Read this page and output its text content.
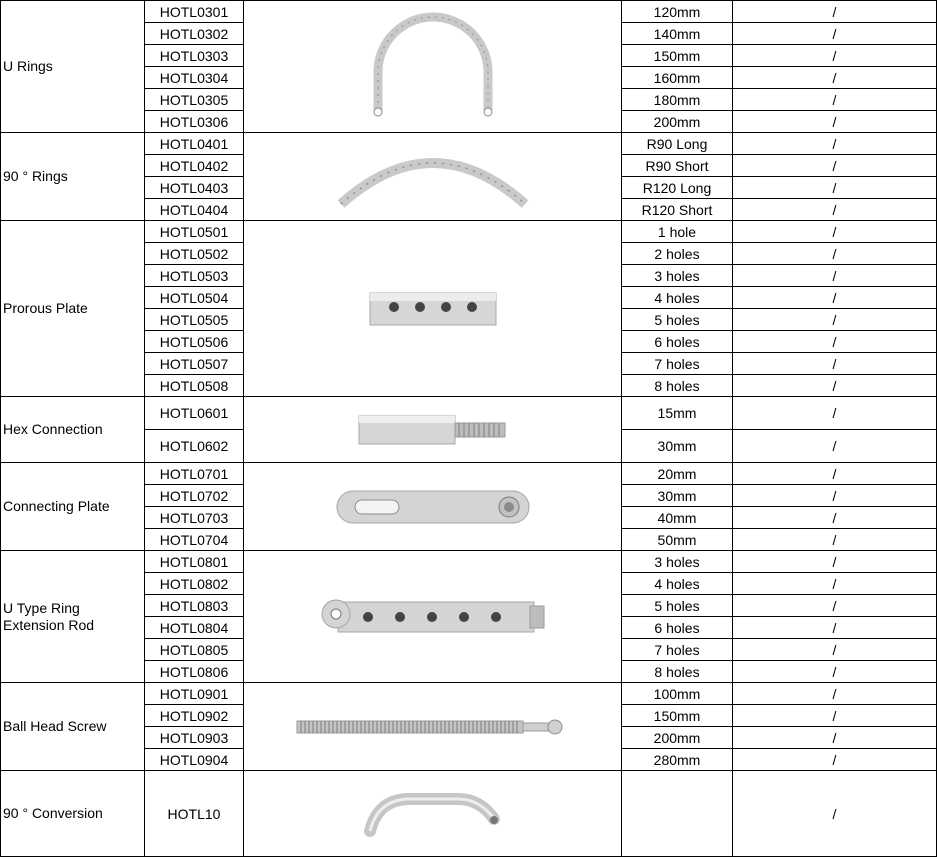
U Rings	HOTL0301		120mm	/
	HOTL0302		140mm	/
	HOTL0303		150mm	/
	HOTL0304		160mm	/
	HOTL0305		180mm	/
	HOTL0306		200mm	/
90 ° Rings	HOTL0401		R90 Long	/
	HOTL0402		R90 Short	/
	HOTL0403		R120 Long	/
	HOTL0404		R120 Short	/
Prorous Plate	HOTL0501		1 hole	/
	HOTL0502		2 holes	/
	HOTL0503		3 holes	/
	HOTL0504		4 holes	/
	HOTL0505		5 holes	/
	HOTL0506		6 holes	/
	HOTL0507		7 holes	/
	HOTL0508		8 holes	/
Hex Connection	HOTL0601		15mm	/
	HOTL0602		30mm	/
Connecting Plate	HOTL0701		20mm	/
	HOTL0702		30mm	/
	HOTL0703		40mm	/
	HOTL0704		50mm	/
U Type Ring Extension Rod	HOTL0801		3 holes	/
	HOTL0802		4 holes	/
	HOTL0803		5 holes	/
	HOTL0804		6 holes	/
	HOTL0805		7 holes	/
	HOTL0806		8 holes	/
Ball Head Screw	HOTL0901		100mm	/
	HOTL0902		150mm	/
	HOTL0903		200mm	/
	HOTL0904		280mm	/
90 ° Conversion	HOTL10			/
